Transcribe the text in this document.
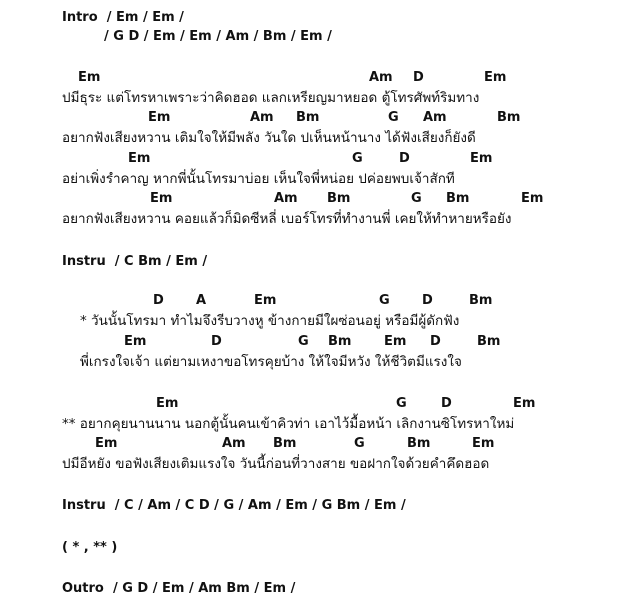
Intro / Em / Em /
/ G D / Em / Em / Am / Bm / Em /
Em	Am D	Em
ปมีธุระ แต่โทรหาเพราะว่าคิดฮอด แลกเหรียญมาหยอด ตู้โทรศัพท์ริมทาง
Em	Am Bm	G Am	Bm
อยากฟังเสียงหวาน เติมใจให้มีพลัง วันใด ปเห็นหน้านาง ได้ฟังเสียงก็ยังดี
Em	G	D	Em
อย่าเพิ่งรำคาญ หากพี่นั้นโทรมาบ่อย เห็นใจพี่หน่อย ปค่อยพบเจ้าสักที
Em	Am Bm	G Bm	Em
อยากฟังเสียงหวาน คอยแล้วก็มิดซีหลี่ เบอร์โทรที่ทำงานพี่ เคยให้ทำหายหรือยัง
Instru / C Bm / Em /
D A	Em	G D	Bm
* วันนั้นโทรมา ทำไมจึงรีบวางหู ข้างกายมีใผซ่อนอยู่ หรือมีผู้ดักฟัง
Em	D	G Bm	Em D	Bm
พี่เกรงใจเจ้า แต่ยามเหงาขอโทรคุยบ้าง ให้ใจมีหวัง ให้ชีวิตมีแรงใจ
Em	G	D	Em
** อยากคุยนานนาน นอกตู้นั้นคนเข้าคิวท่า เอาไว้มื้อหน้า เลิกงานซิโทรหาใหม่
Em	Am Bm	G	Bm	Em
ปมีอีหยัง ขอฟังเสียงเติมแรงใจ วันนี้ก่อนที่วางสาย ขอฝากใจด้วยคำคึดฮอด
Instru / C / Am / C D / G / Am / Em / G Bm / Em /
( * , ** )
Outro / G D / Em / Am Bm / Em /
